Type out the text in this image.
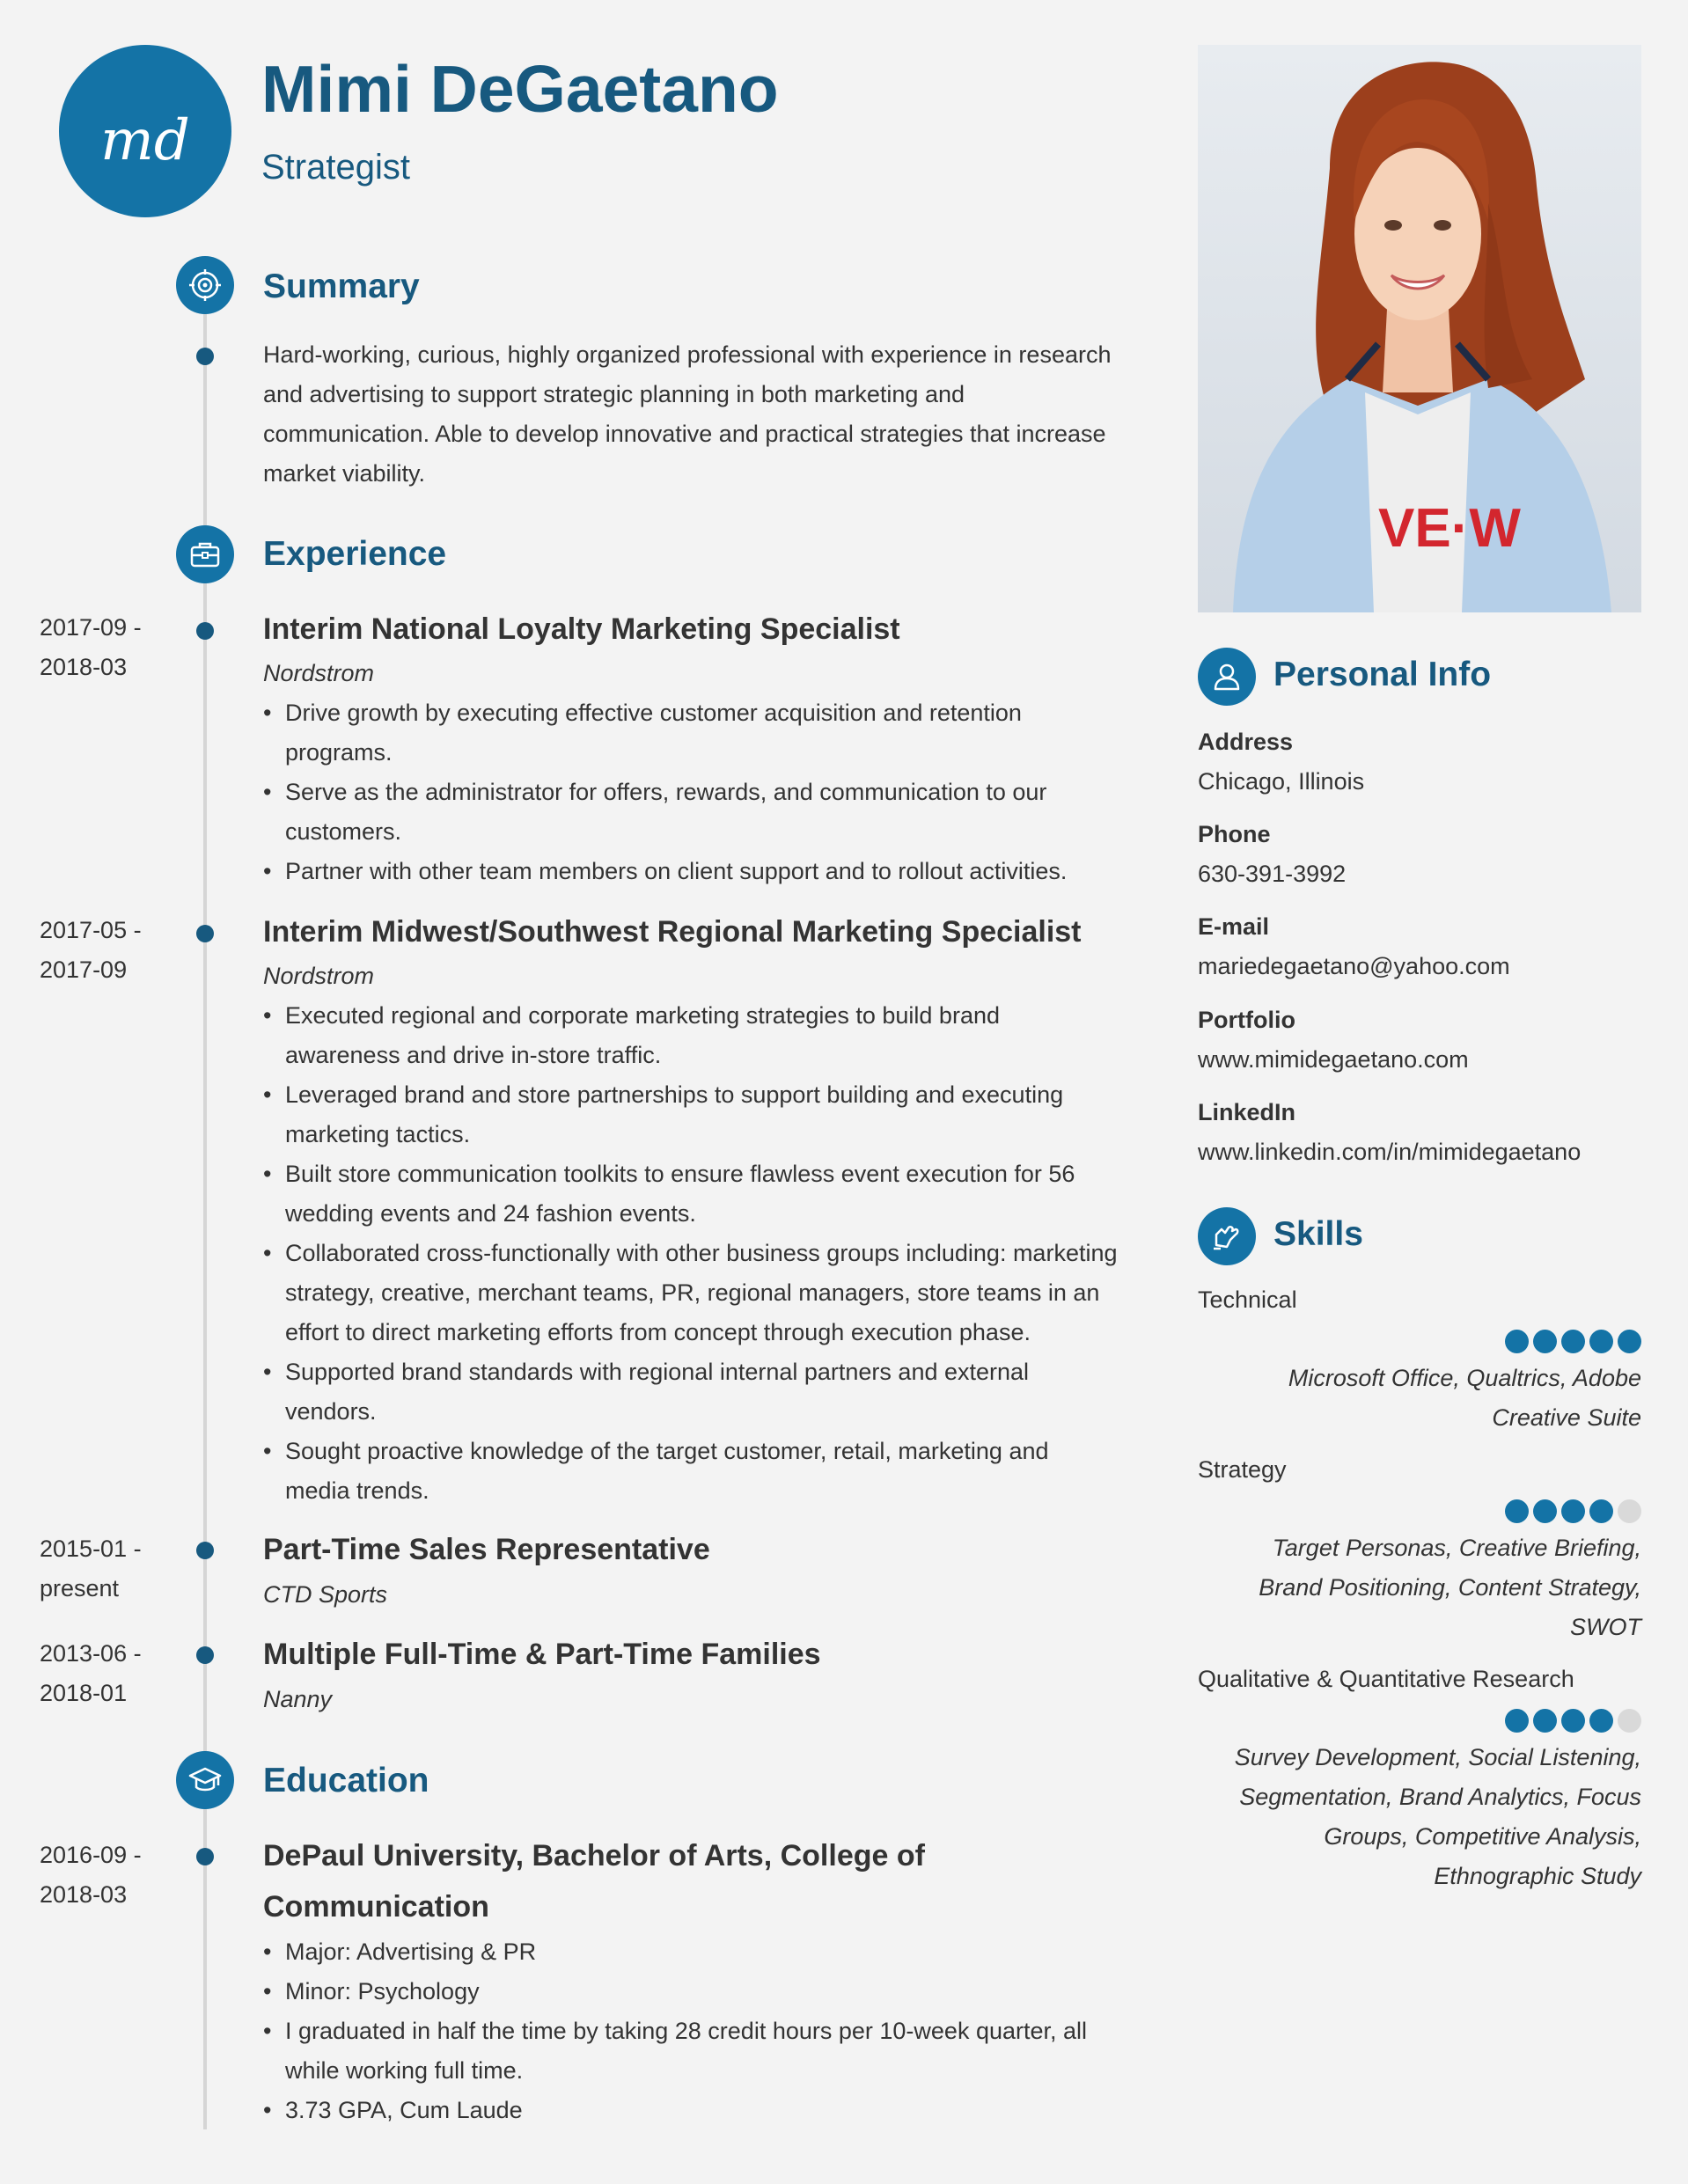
md
Mimi DeGaetano
Strategist
Summary
Hard-working, curious, highly organized professional with experience in research
and advertising to support strategic planning in both marketing and
communication. Able to develop innovative and practical strategies that increase
market viability.
Experience
2017-09 -
2018-03
Interim National Loyalty Marketing Specialist
Nordstrom
• Drive growth by executing effective customer acquisition and retention programs.
• Serve as the administrator for offers, rewards, and communication to our customers.
• Partner with other team members on client support and to rollout activities.
2017-05 -
2017-09
Interim Midwest/Southwest Regional Marketing Specialist
Nordstrom
• Executed regional and corporate marketing strategies to build brand awareness and drive in-store traffic.
• Leveraged brand and store partnerships to support building and executing marketing tactics.
• Built store communication toolkits to ensure flawless event execution for 56 wedding events and 24 fashion events.
• Collaborated cross-functionally with other business groups including: marketing strategy, creative, merchant teams, PR, regional managers, store teams in an effort to direct marketing efforts from concept through execution phase.
• Supported brand standards with regional internal partners and external vendors.
• Sought proactive knowledge of the target customer, retail, marketing and media trends.
2015-01 -
present
Part-Time Sales Representative
CTD Sports
2013-06 -
2018-01
Multiple Full-Time & Part-Time Families
Nanny
Education
2016-09 -
2018-03
DePaul University, Bachelor of Arts, College of Communication
• Major: Advertising & PR
• Minor: Psychology
• I graduated in half the time by taking 28 credit hours per 10-week quarter, all while working full time.
• 3.73 GPA, Cum Laude
VE·W
Personal Info
Address
Chicago, Illinois
Phone
630-391-3992
E-mail
mariedegaetano@yahoo.com
Portfolio
www.mimidegaetano.com
LinkedIn
www.linkedin.com/in/mimidegaetano
Skills
Technical
Microsoft Office, Qualtrics, Adobe Creative Suite
Strategy
Target Personas, Creative Briefing, Brand Positioning, Content Strategy, SWOT
Qualitative & Quantitative Research
Survey Development, Social Listening, Segmentation, Brand Analytics, Focus Groups, Competitive Analysis, Ethnographic Study
